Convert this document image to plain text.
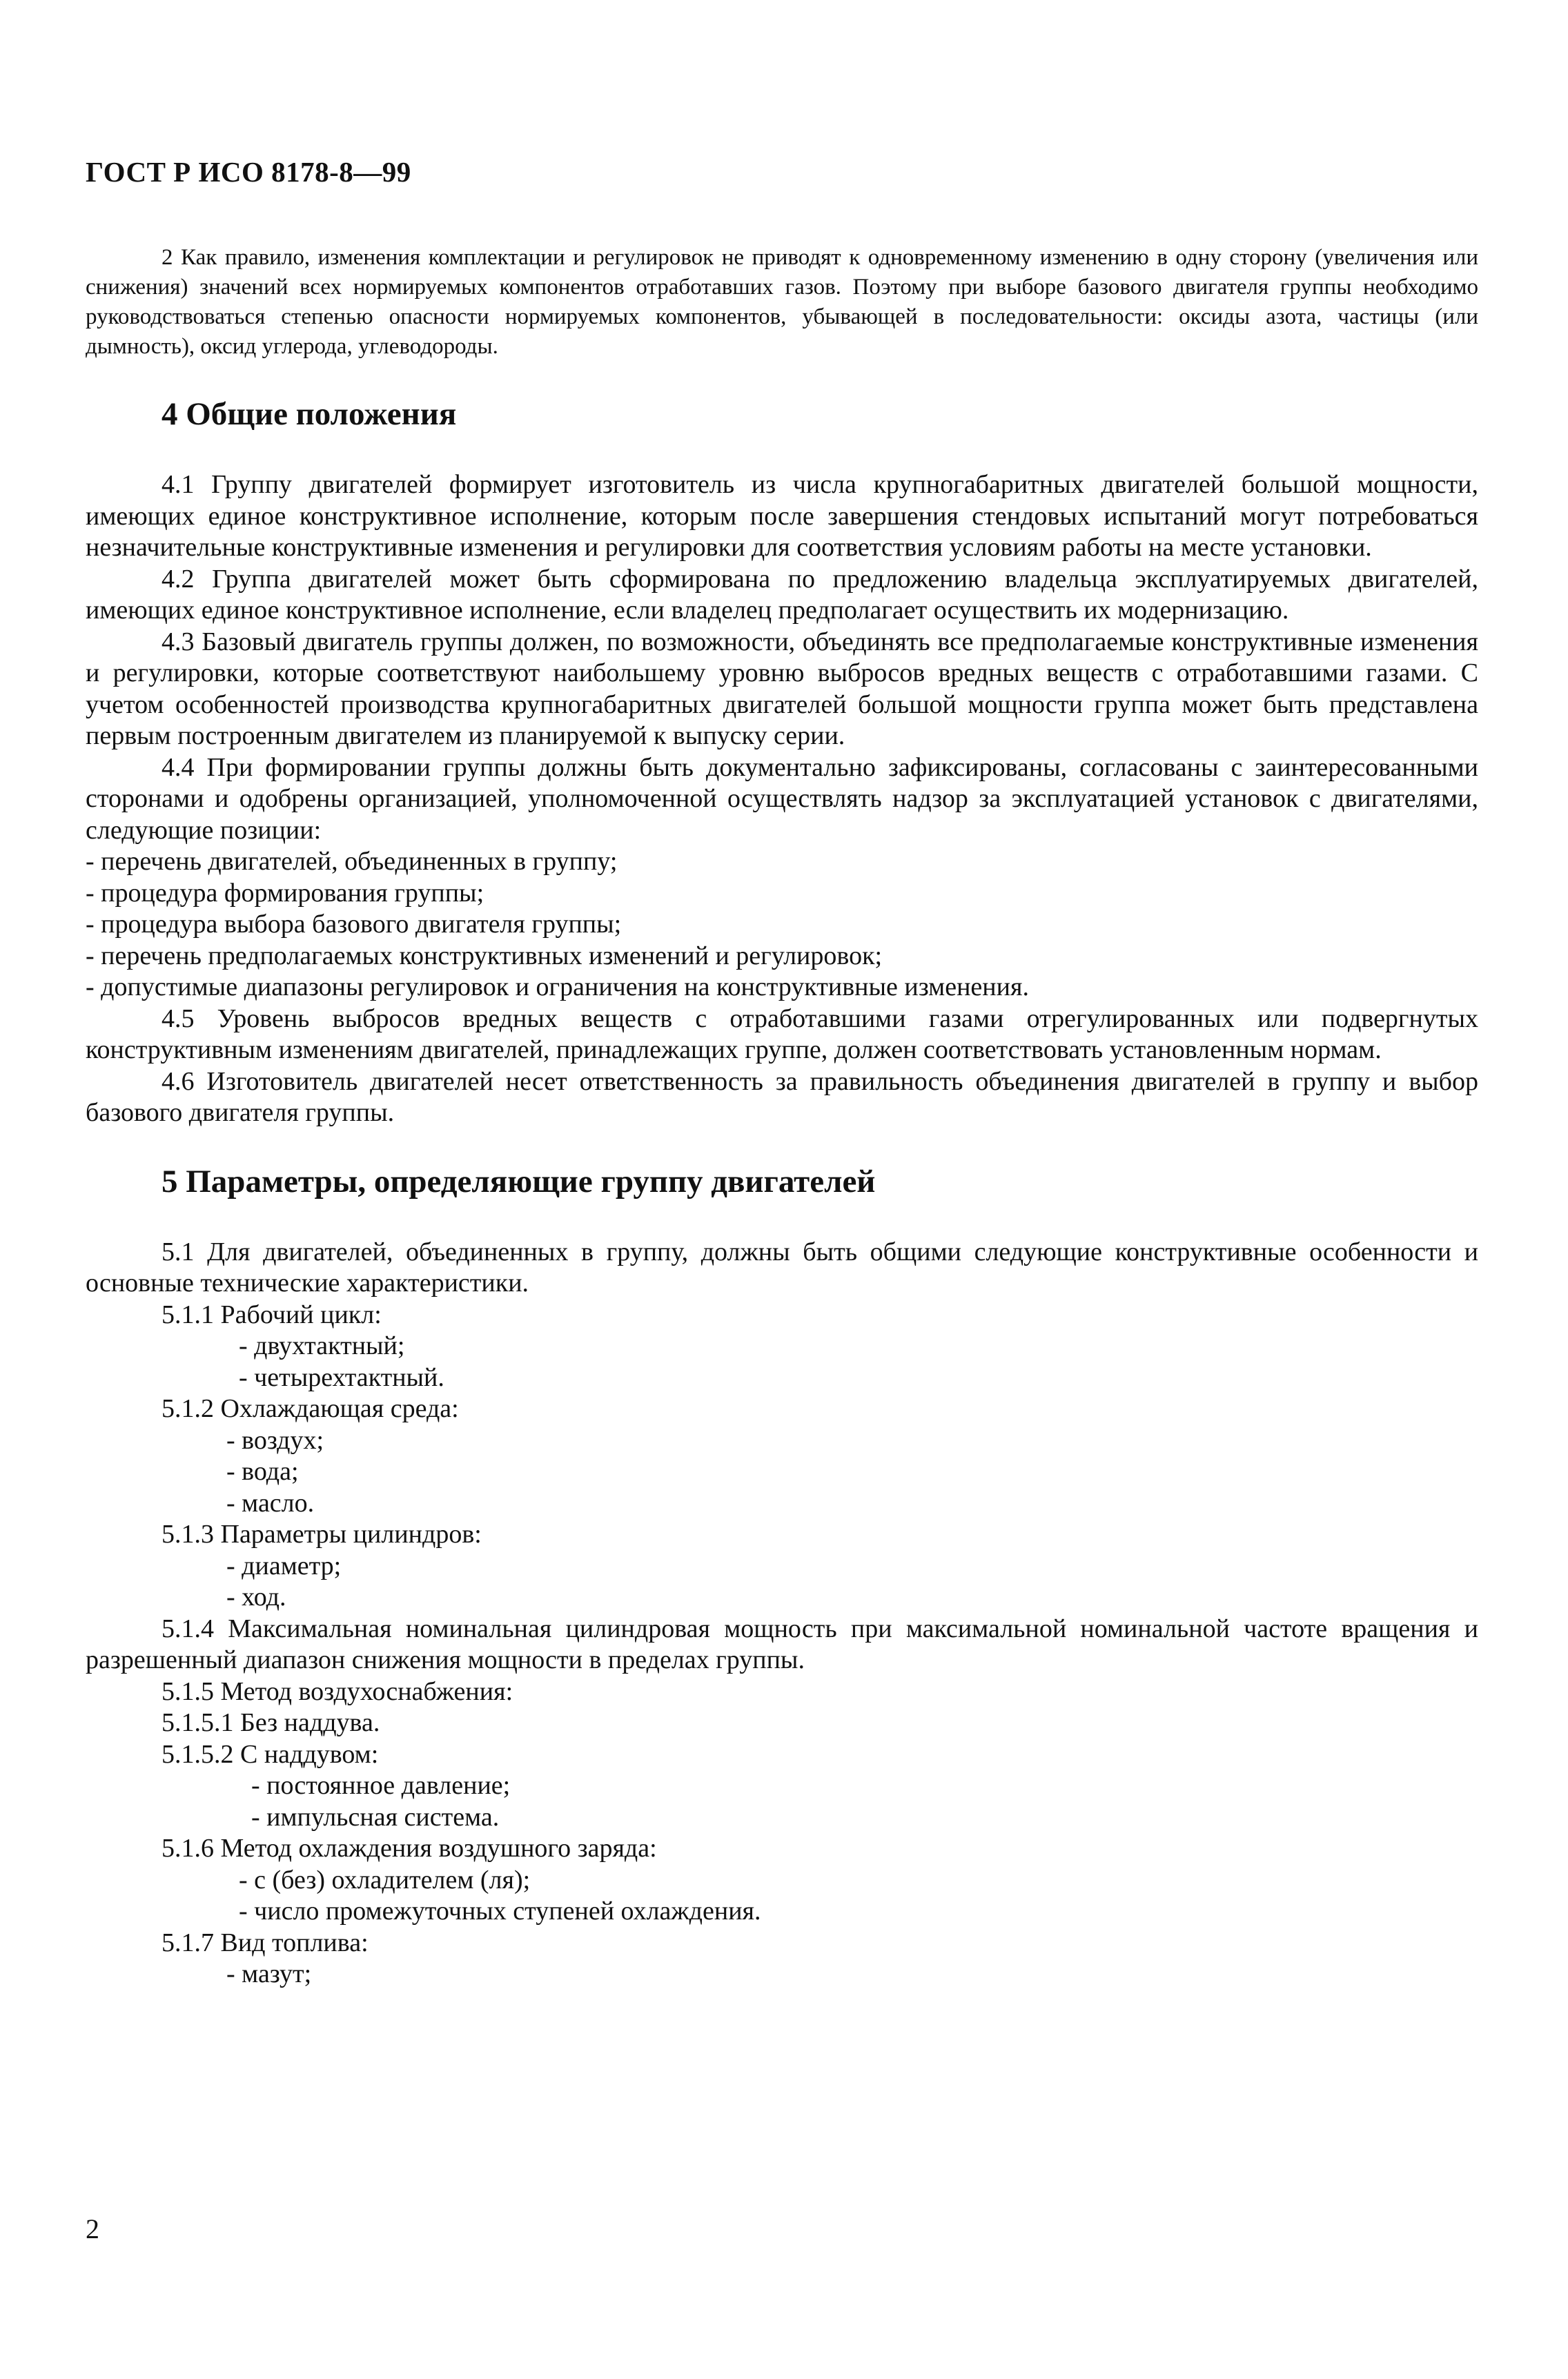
ГОСТ Р ИСО 8178-8—99

2 Как правило, изменения комплектации и регулировок не приводят к одновременному изменению в одну сторону (увеличения или снижения) значений всех нормируемых компонентов отработавших газов. Поэтому при выборе базового двигателя группы необходимо руководствоваться степенью опасности нормируемых компонентов, убывающей в последовательности: оксиды азота, частицы (или дымность), оксид углерода, углеводороды.

4 Общие положения

4.1 Группу двигателей формирует изготовитель из числа крупногабаритных двигателей большой мощности, имеющих единое конструктивное исполнение, которым после завершения стендовых испытаний могут потребоваться незначительные конструктивные изменения и регулировки для соответствия условиям работы на месте установки.

4.2 Группа двигателей может быть сформирована по предложению владельца эксплуатируемых двигателей, имеющих единое конструктивное исполнение, если владелец предполагает осуществить их модернизацию.

4.3 Базовый двигатель группы должен, по возможности, объединять все предполагаемые конструктивные изменения и регулировки, которые соответствуют наибольшему уровню выбросов вредных веществ с отработавшими газами. С учетом особенностей производства крупногабаритных двигателей большой мощности группа может быть представлена первым построенным двигателем из планируемой к выпуску серии.

4.4 При формировании группы должны быть документально зафиксированы, согласованы с заинтересованными сторонами и одобрены организацией, уполномоченной осуществлять надзор за эксплуатацией установок с двигателями, следующие позиции:

- перечень двигателей, объединенных в группу;

- процедура формирования группы;

- процедура выбора базового двигателя группы;

- перечень предполагаемых конструктивных изменений и регулировок;

- допустимые диапазоны регулировок и ограничения на конструктивные изменения.

4.5 Уровень выбросов вредных веществ с отработавшими газами отрегулированных или подвергнутых конструктивным изменениям двигателей, принадлежащих группе, должен соответствовать установленным нормам.

4.6 Изготовитель двигателей несет ответственность за правильность объединения двигателей в группу и выбор базового двигателя группы.

5 Параметры, определяющие группу двигателей

5.1 Для двигателей, объединенных в группу, должны быть общими следующие конструктивные особенности и основные технические характеристики.

5.1.1 Рабочий цикл:

- двухтактный;

- четырехтактный.

5.1.2 Охлаждающая среда:

- воздух;

- вода;

- масло.

5.1.3 Параметры цилиндров:

- диаметр;

- ход.

5.1.4 Максимальная номинальная цилиндровая мощность при максимальной номинальной частоте вращения и разрешенный диапазон снижения мощности в пределах группы.

5.1.5 Метод воздухоснабжения:

5.1.5.1 Без наддува.

5.1.5.2 С наддувом:

- постоянное давление;

- импульсная система.

5.1.6 Метод охлаждения воздушного заряда:

- с (без) охладителем (ля);

- число промежуточных ступеней охлаждения.

5.1.7 Вид топлива:

- мазут;

2
